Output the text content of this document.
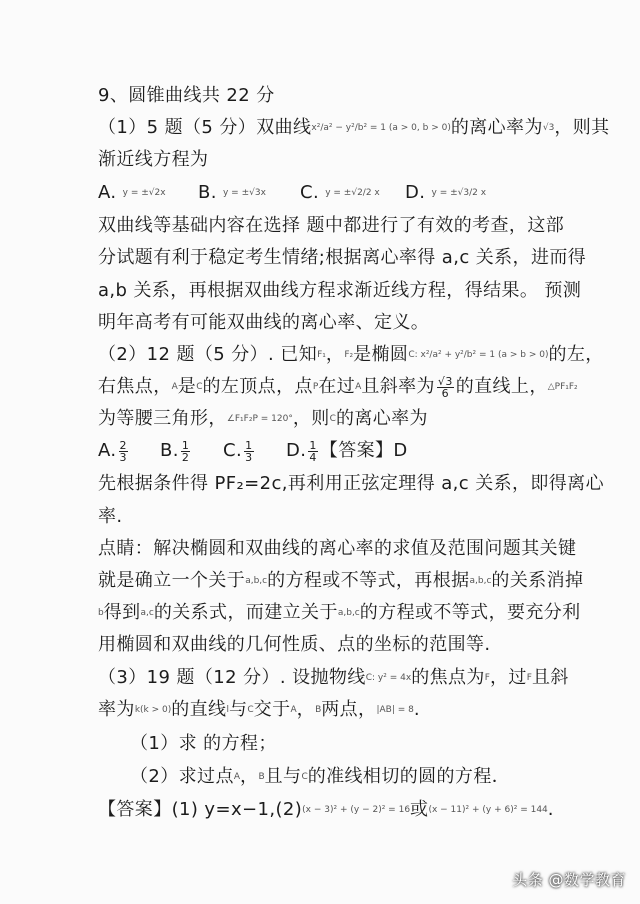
9、圆锥曲线共 22 分
（1）5 题（5 分）双曲线x²/a² − y²/b² = 1 (a > 0, b > 0)的离心率为√3，则其
渐近线方程为
A. y = ±√2x B. y = ±√3x C. y = ±√2/2 x D. y = ±√3/2 x
双曲线等基础内容在选择 题中都进行了有效的考查，这部
分试题有利于稳定考生情绪;根据离心率得 a,c 关系，进而得
a,b 关系，再根据双曲线方程求渐近线方程，得结果。 预测
明年高考有可能双曲线的离心率、定义。
（2）12 题（5 分）. 已知F₁，F₂是椭圆C: x²/a² + y²/b² = 1 (a > b > 0)的左，
右焦点，A是C的左顶点，点P在过A且斜率为 $\frac{√3}{6}$ 的直线上，△PF₁F₂
为等腰三角形，∠F₁F₂P = 120°，则C的离心率为
A. $\frac{2}{3} B$. $\frac{1}{2} C$. $\frac{1}{3} D$. $\frac{1}{4}$ 【答案】D
先根据条件得 PF₂=2c,再利用正弦定理得 a,c 关系，即得离心
率.
点睛：解决椭圆和双曲线的离心率的求值及范围问题其关键
就是确立一个关于a,b,c的方程或不等式，再根据a,b,c的关系消掉
b得到a,c的关系式，而建立关于a,b,c的方程或不等式，要充分利
用椭圆和双曲线的几何性质、点的坐标的范围等.
（3）19 题（12 分）. 设抛物线C: y² = 4x的焦点为F，过F且斜
率为k(k > 0)的直线l与C交于A，B两点，|AB| = 8.
（1）求 的方程；
（2）求过点A，B且与C的准线相切的圆的方程．
【答案】(1) y=x−1,(2)(x − 3)² + (y − 2)² = 16或(x − 11)² + (y + 6)² = 144.
头条 @数学教育
